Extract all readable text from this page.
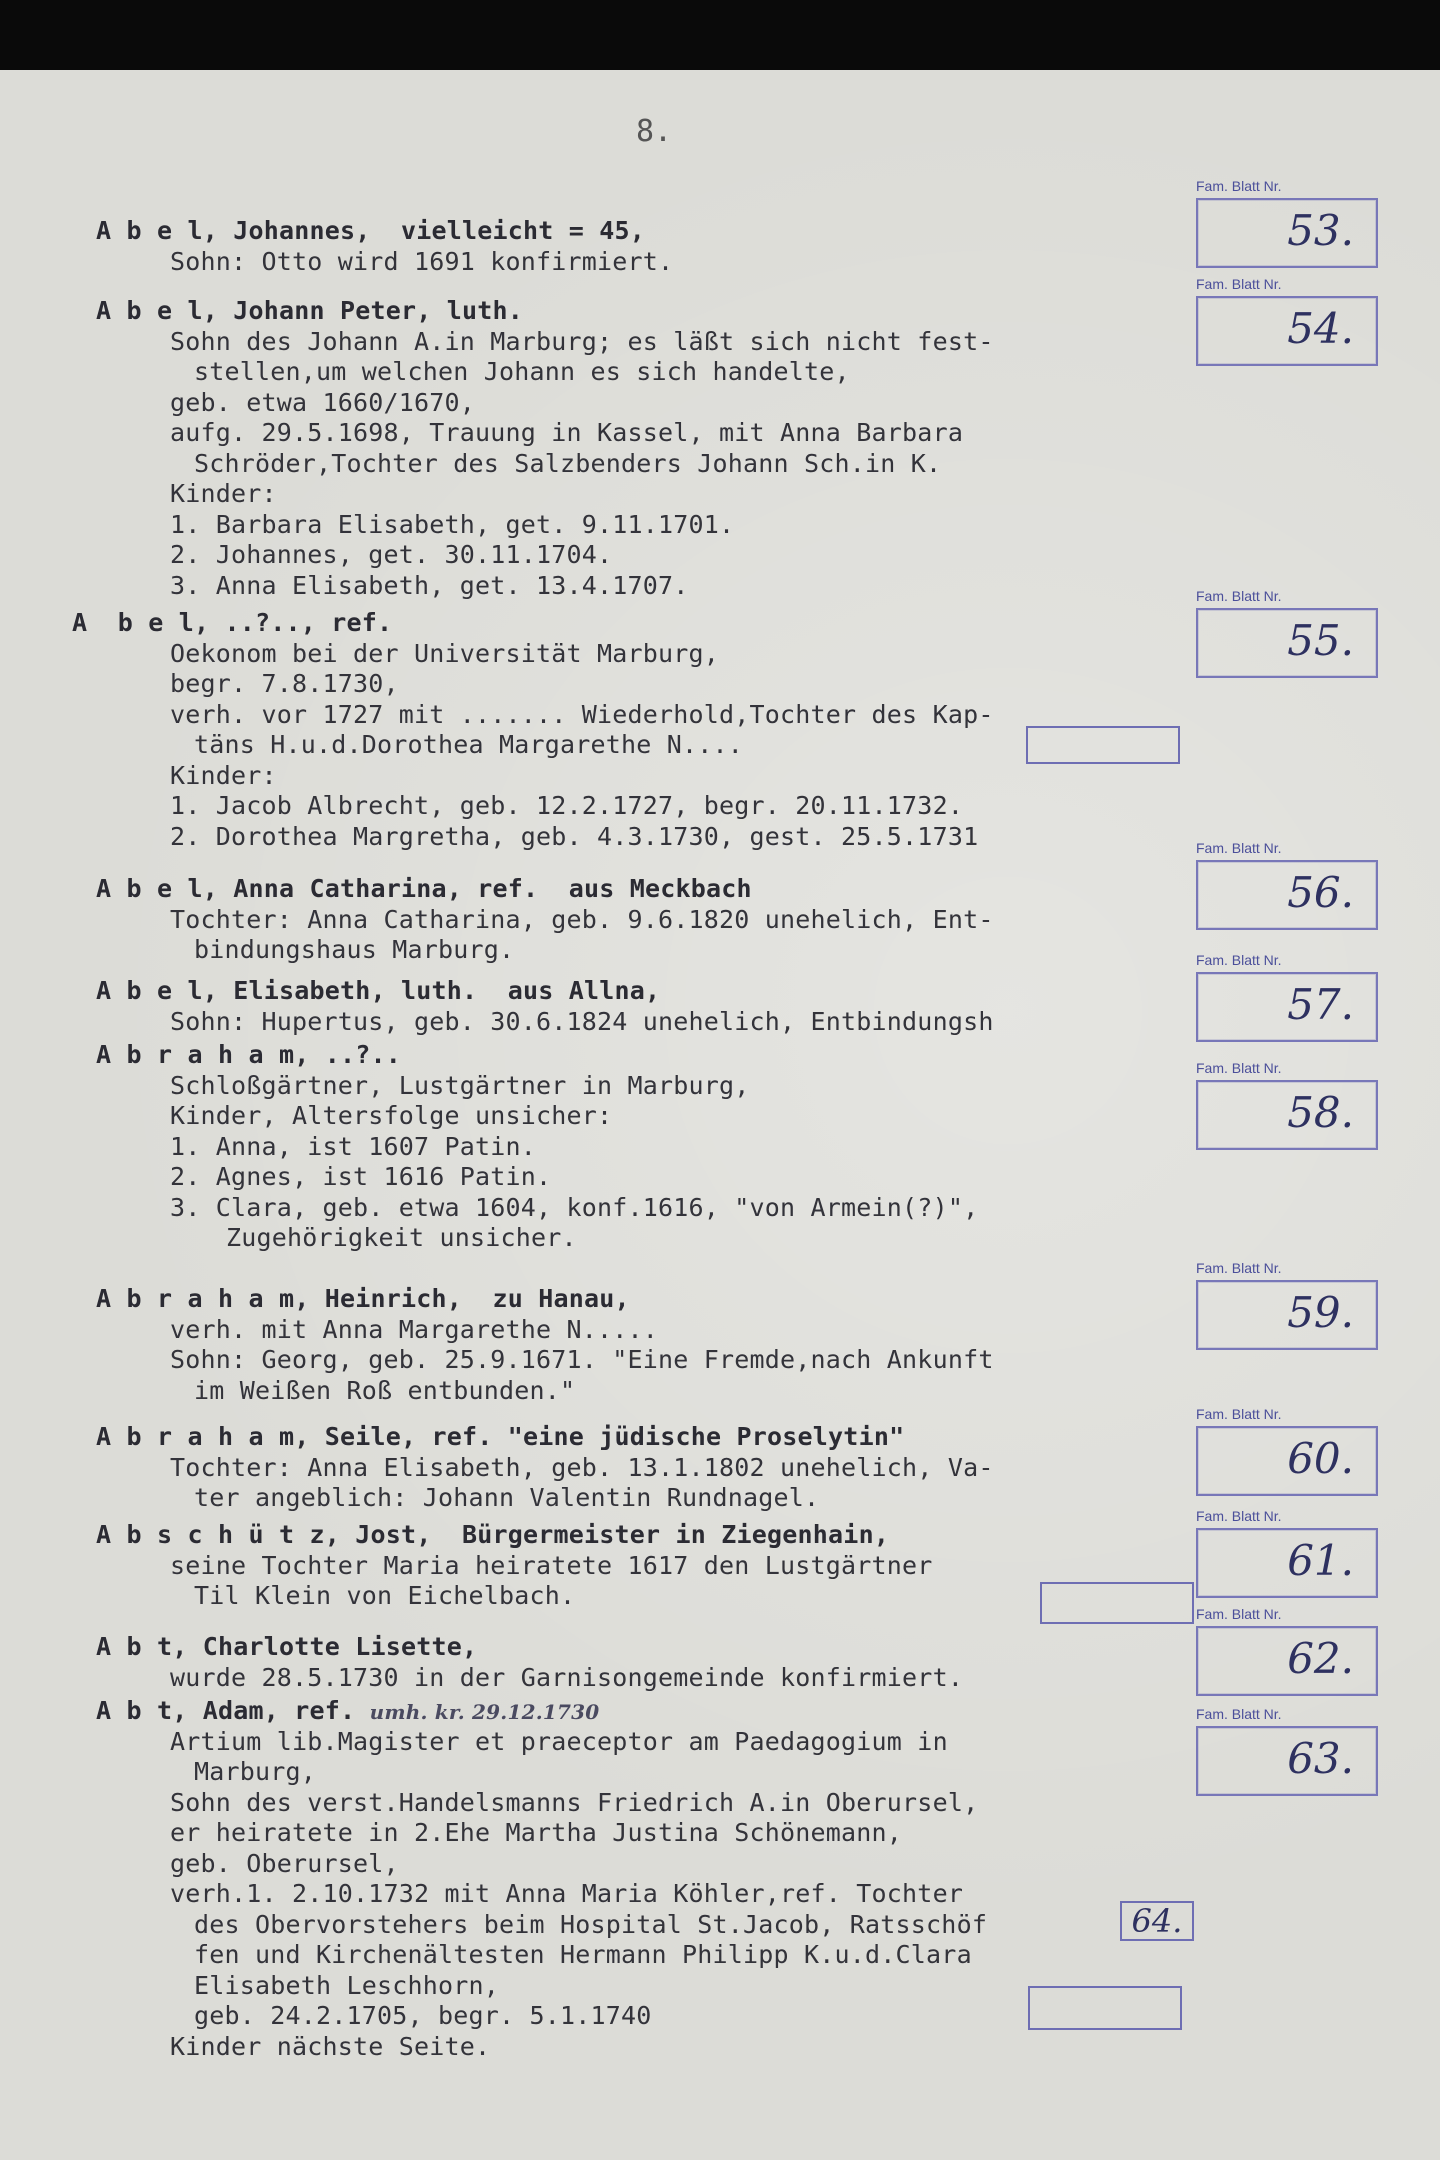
8.
A b e l, Johannes,  vielleicht = 45,
Sohn: Otto wird 1691 konfirmiert.
A b e l, Johann Peter, luth.
Sohn des Johann A.in Marburg; es läßt sich nicht fest-
stellen,um welchen Johann es sich handelte,
geb. etwa 1660/1670,
aufg. 29.5.1698, Trauung in Kassel, mit Anna Barbara
Schröder,Tochter des Salzbenders Johann Sch.in K.
Kinder:
1. Barbara Elisabeth, get. 9.11.1701.
2. Johannes, get. 30.11.1704.
3. Anna Elisabeth, get. 13.4.1707.
A  b e l, ..?.., ref.
Oekonom bei der Universität Marburg,
begr. 7.8.1730,
verh. vor 1727 mit ....... Wiederhold,Tochter des Kap-
täns H.u.d.Dorothea Margarethe N....
Kinder:
1. Jacob Albrecht, geb. 12.2.1727, begr. 20.11.1732.
2. Dorothea Margretha, geb. 4.3.1730, gest. 25.5.1731
A b e l, Anna Catharina, ref.  aus Meckbach
Tochter: Anna Catharina, geb. 9.6.1820 unehelich, Ent-
bindungshaus Marburg.
A b e l, Elisabeth, luth.  aus Allna,
Sohn: Hupertus, geb. 30.6.1824 unehelich, Entbindungsh
A b r a h a m, ..?..
Schloßgärtner, Lustgärtner in Marburg,
Kinder, Altersfolge unsicher:
1. Anna, ist 1607 Patin.
2. Agnes, ist 1616 Patin.
3. Clara, geb. etwa 1604, konf.1616, "von Armein(?)",
Zugehörigkeit unsicher.
A b r a h a m, Heinrich,  zu Hanau,
verh. mit Anna Margarethe N.....
Sohn: Georg, geb. 25.9.1671. "Eine Fremde,nach Ankunft
im Weißen Roß entbunden."
A b r a h a m, Seile, ref. "eine jüdische Proselytin"
Tochter: Anna Elisabeth, geb. 13.1.1802 unehelich, Va-
ter angeblich: Johann Valentin Rundnagel.
A b s c h ü t z, Jost,  Bürgermeister in Ziegenhain,
seine Tochter Maria heiratete 1617 den Lustgärtner
Til Klein von Eichelbach.
A b t, Charlotte Lisette,
wurde 28.5.1730 in der Garnisongemeinde konfirmiert.
A b t, Adam, ref.  umh. kr. 29.12.1730
Artium lib.Magister et praeceptor am Paedagogium in
Marburg,
Sohn des verst.Handelsmanns Friedrich A.in Oberursel,
er heiratete in 2.Ehe Martha Justina Schönemann,
geb. Oberursel,
verh.1. 2.10.1732 mit Anna Maria Köhler,ref. Tochter
des Obervorstehers beim Hospital St.Jacob, Ratsschöf
fen und Kirchenältesten Hermann Philipp K.u.d.Clara
Elisabeth Leschhorn,
geb. 24.2.1705, begr. 5.1.1740
Kinder nächste Seite.
Fam. Blatt Nr.
53.
Fam. Blatt Nr.
54.
Fam. Blatt Nr.
55.
Fam. Blatt Nr.
56.
Fam. Blatt Nr.
57.
Fam. Blatt Nr.
58.
Fam. Blatt Nr.
59.
Fam. Blatt Nr.
60.
Fam. Blatt Nr.
61.
Fam. Blatt Nr.
62.
Fam. Blatt Nr.
63.
64.
